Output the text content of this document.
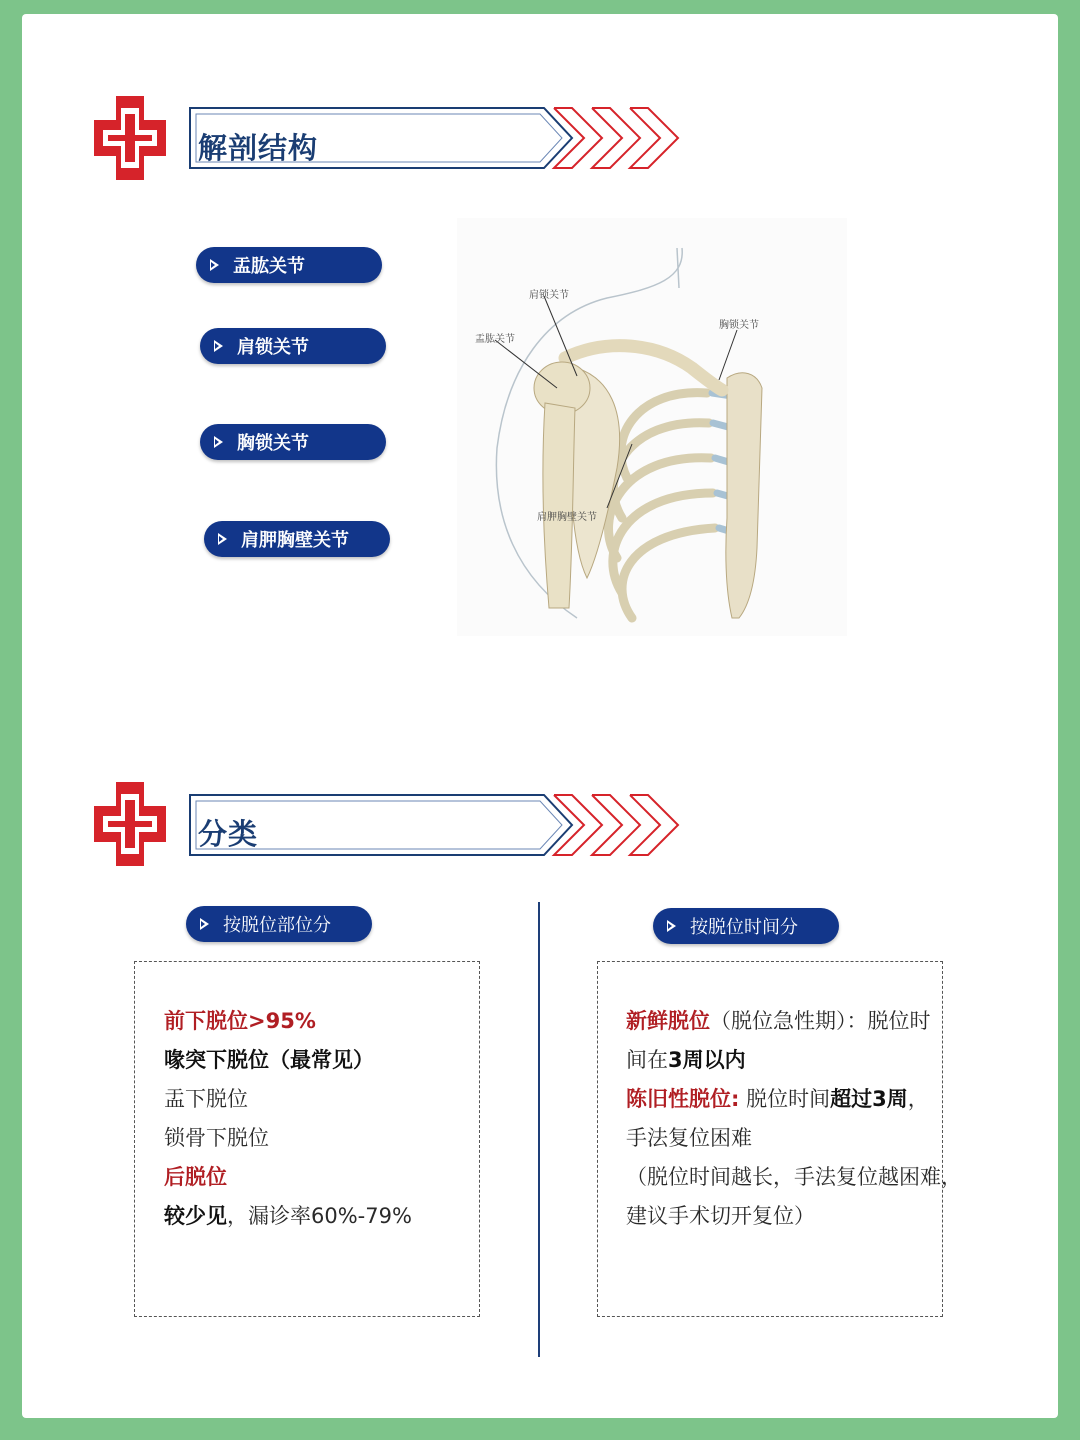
解剖结构
盂肱关节
肩锁关节
胸锁关节
肩胛胸壁关节
肩锁关节
盂肱关节
胸锁关节
肩胛胸壁关节
分类
按脱位部位分	按脱位时间分
前下脱位>95%
喙突下脱位（最常见）
盂下脱位
锁骨下脱位
后脱位
较少见，漏诊率60%-79%
新鲜脱位（脱位急性期）：脱位时
间在3周以内
陈旧性脱位: 脱位时间超过3周，
手法复位困难
（脱位时间越长，手法复位越困难，
建议手术切开复位）
